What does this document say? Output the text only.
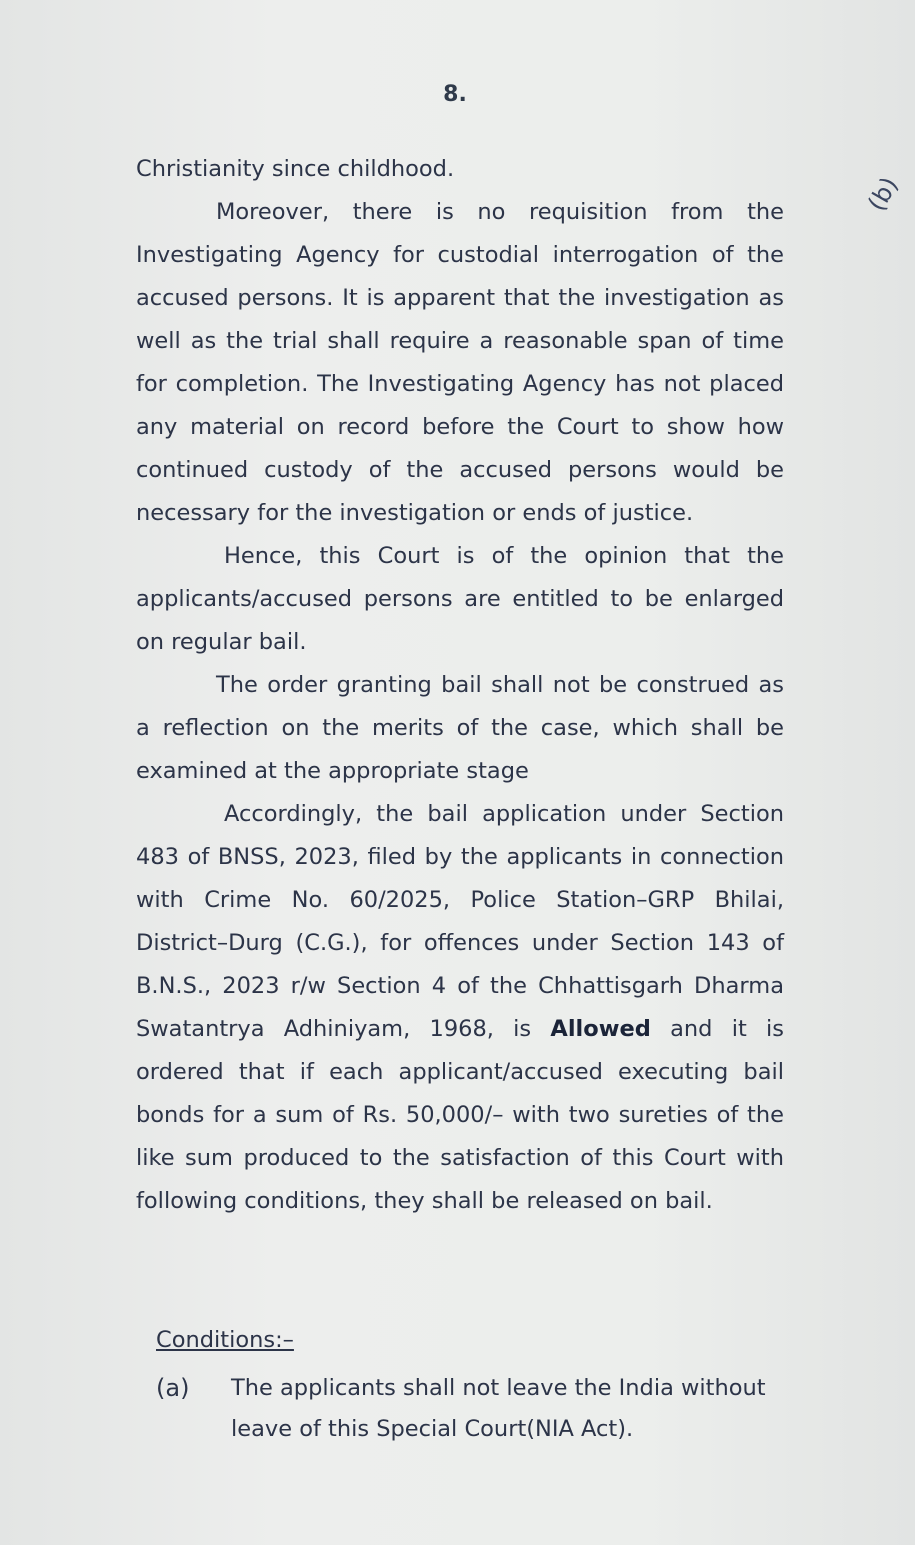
8.
(b)

Christianity since childhood.

Moreover, there is no requisition from the Investigating Agency for custodial interrogation of the accused persons. It is apparent that the investigation as well as the trial shall require a reasonable span of time for completion. The Investigating Agency has not placed any material on record before the Court to show how continued custody of the accused persons would be necessary for the investigation or ends of justice.

Hence, this Court is of the opinion that the applicants/accused persons are entitled to be enlarged on regular bail.

The order granting bail shall not be construed as a reflection on the merits of the case, which shall be examined at the appropriate stage

Accordingly, the bail application under Section 483 of BNSS, 2023, filed by the applicants in connection with Crime No. 60/2025, Police Station–GRP Bhilai, District–Durg (C.G.), for offences under Section 143 of B.N.S., 2023 r/w Section 4 of the Chhattisgarh Dharma Swatantrya Adhiniyam, 1968, is Allowed and it is ordered that if each applicant/accused executing bail bonds for a sum of Rs. 50,000/– with two sureties of the like sum produced to the satisfaction of this Court with following conditions, they shall be released on bail.

Conditions:–
(a)	The applicants shall not leave the India without leave of this Special Court(NIA Act).
